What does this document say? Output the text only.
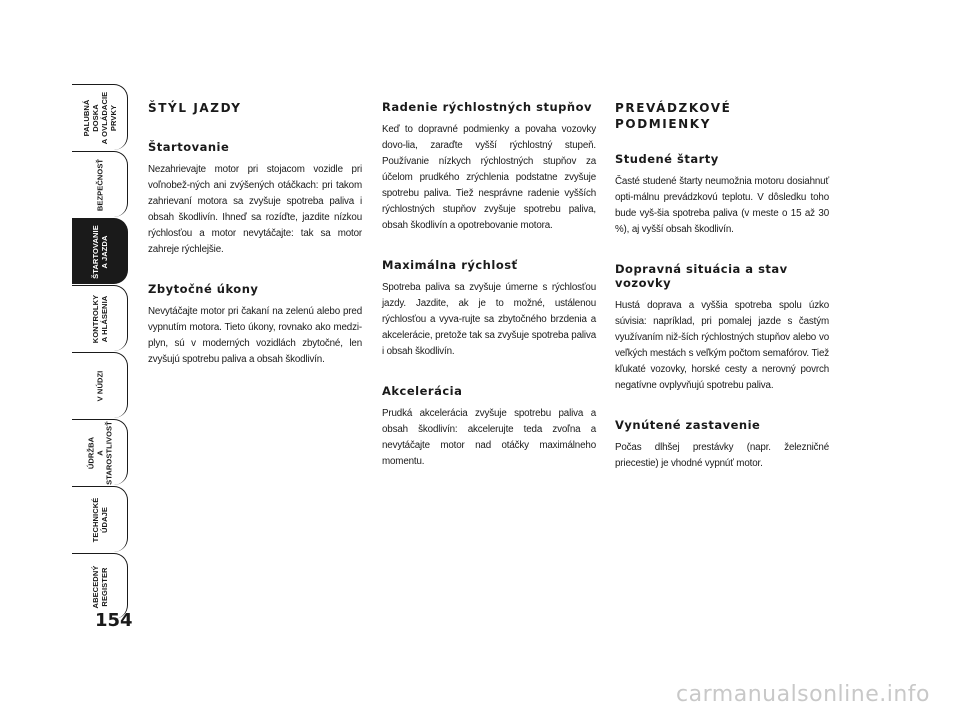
PALUBNÁ DOSKA
A OVLÁDACIE PRVKY
BEZPEČNOSŤ
ŠTARTOVANIE
A JAZDA
KONTROLKY
A HLÁSENIA
V NÚDZI
ÚDRŽBA
A STAROSTLIVOSŤ
TECHNICKÉ ÚDAJE
ABECEDNÝ
REGISTER
154
ŠTÝL JAZDY
Štartovanie
Nezahrievajte motor pri stojacom vozidle pri voľnobež-ných ani zvýšených otáčkach: pri takom zahrievaní motora sa zvyšuje spotreba paliva i obsah škodlivín. Ihneď sa rozíďte, jazdite nízkou rýchlosťou a motor nevytáčajte: tak sa motor zahreje rýchlejšie.
Zbytočné úkony
Nevytáčajte motor pri čakaní na zelenú alebo pred vypnutím motora. Tieto úkony, rovnako ako medzi-plyn, sú v moderných vozidlách zbytočné, len zvyšujú spotrebu paliva a obsah škodlivín.
Radenie rýchlostných stupňov
Keď to dopravné podmienky a povaha vozovky dovo-lia, zaraďte vyšší rýchlostný stupeň. Používanie nízkych rýchlostných stupňov za účelom prudkého zrýchlenia podstatne zvyšuje spotrebu paliva. Tiež nesprávne radenie vyšších rýchlostných stupňov zvyšuje spotrebu paliva, obsah škodlivín a opotrebovanie motora.
Maximálna rýchlosť
Spotreba paliva sa zvyšuje úmerne s rýchlosťou jazdy. Jazdite, ak je to možné, ustálenou rýchlosťou a vyva-rujte sa zbytočného brzdenia a akcelerácie, pretože tak sa zvyšuje spotreba paliva i obsah škodlivín.
Akcelerácia
Prudká akcelerácia zvyšuje spotrebu paliva a obsah škodlivín: akcelerujte teda zvoľna a nevytáčajte motor nad otáčky maximálneho momentu.
PREVÁDZKOVÉ
PODMIENKY
Studené štarty
Časté studené štarty neumožnia motoru dosiahnuť opti-málnu prevádzkovú teplotu. V dôsledku toho bude vyš-šia spotreba paliva (v meste o 15 až 30 %), aj vyšší obsah škodlivín.
Dopravná situácia a stav vozovky
Hustá doprava a vyššia spotreba spolu úzko súvisia: napríklad, pri pomalej jazde s častým využívaním niž-ších rýchlostných stupňov alebo vo veľkých mestách s veľkým počtom semafórov. Tiež kľukaté vozovky, horské cesty a nerovný povrch negatívne ovplyvňujú spotrebu paliva.
Vynútené zastavenie
Počas dlhšej prestávky (napr. železničné priecestie) je vhodné vypnúť motor.
carmanualsonline.info
